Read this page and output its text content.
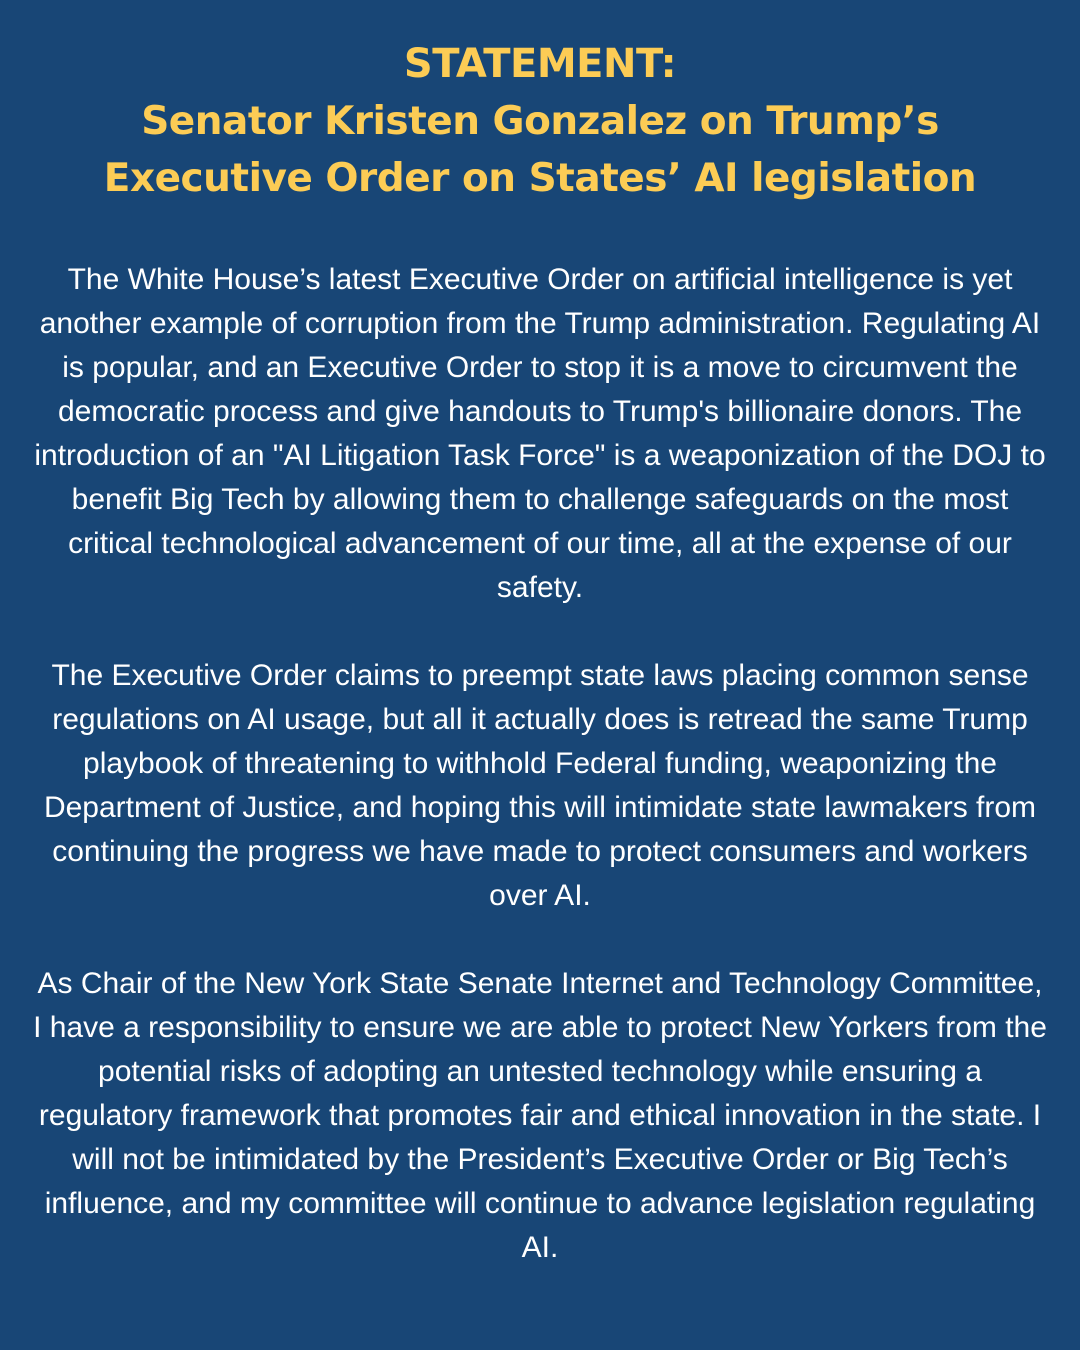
STATEMENT:
Senator Kristen Gonzalez on Trump’s
Executive Order on States’ AI legislation

The White House’s latest Executive Order on artificial intelligence is yet another example of corruption from the Trump administration. Regulating AI is popular, and an Executive Order to stop it is a move to circumvent the democratic process and give handouts to Trump's billionaire donors. The introduction of an "AI Litigation Task Force" is a weaponization of the DOJ to benefit Big Tech by allowing them to challenge safeguards on the most critical technological advancement of our time, all at the expense of our safety.

The Executive Order claims to preempt state laws placing common sense regulations on AI usage, but all it actually does is retread the same Trump playbook of threatening to withhold Federal funding, weaponizing the Department of Justice, and hoping this will intimidate state lawmakers from continuing the progress we have made to protect consumers and workers over AI.

As Chair of the New York State Senate Internet and Technology Committee, I have a responsibility to ensure we are able to protect New Yorkers from the potential risks of adopting an untested technology while ensuring a regulatory framework that promotes fair and ethical innovation in the state. I will not be intimidated by the President’s Executive Order or Big Tech’s influence, and my committee will continue to advance legislation regulating AI.
